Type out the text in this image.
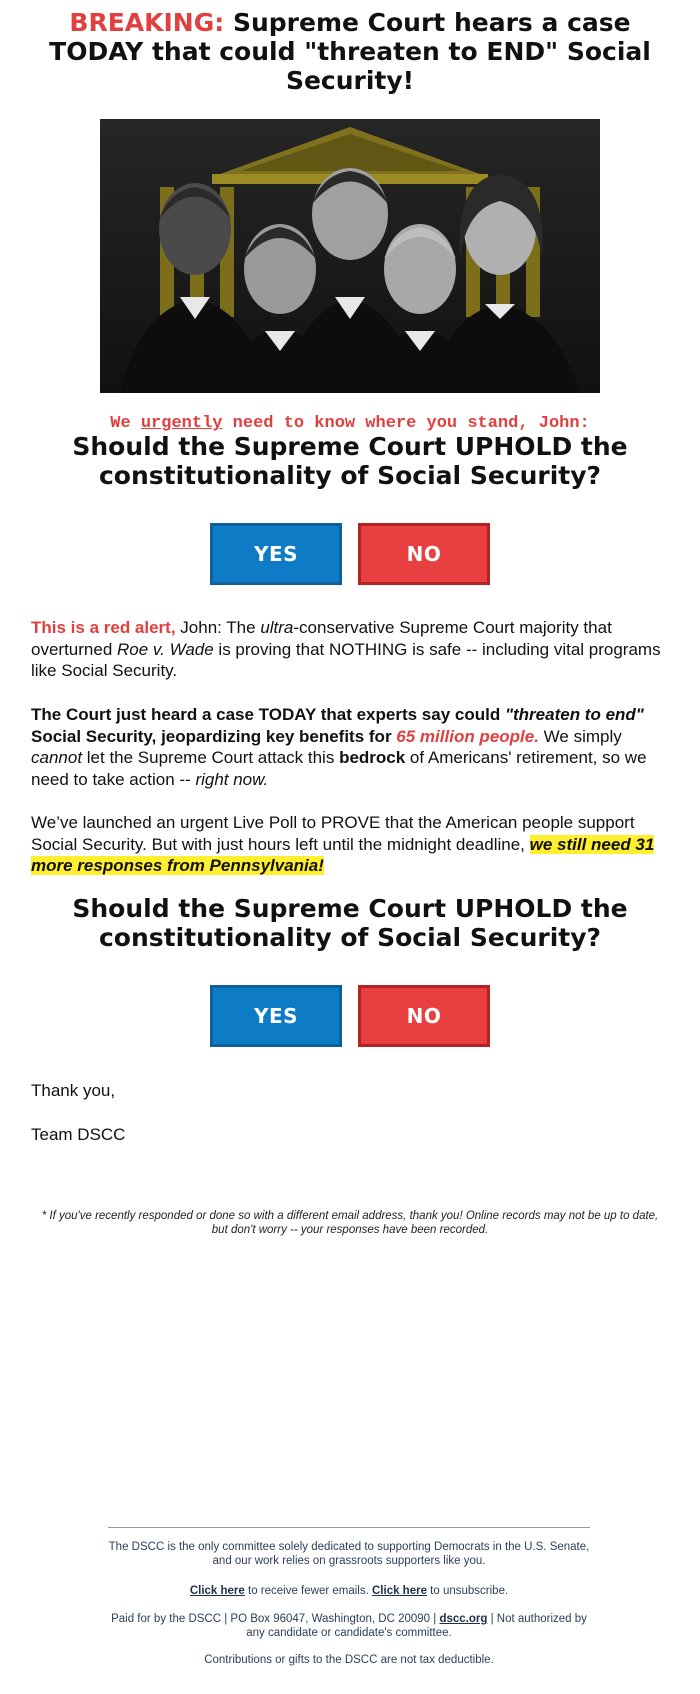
BREAKING: Supreme Court hears a case TODAY that could "threaten to END" Social Security!
We urgently need to know where you stand, John:
Should the Supreme Court UPHOLD the constitutionality of Social Security?
YES	NO
This is a red alert, John: The ultra-conservative Supreme Court majority that overturned Roe v. Wade is proving that NOTHING is safe -- including vital programs like Social Security.
The Court just heard a case TODAY that experts say could "threaten to end" Social Security, jeopardizing key benefits for 65 million people. We simply cannot let the Supreme Court attack this bedrock of Americans' retirement, so we need to take action -- right now.
We’ve launched an urgent Live Poll to PROVE that the American people support Social Security. But with just hours left until the midnight deadline, we still need 31 more responses from Pennsylvania!
Should the Supreme Court UPHOLD the constitutionality of Social Security?
YES	NO
Thank you,
Team DSCC
* If you've recently responded or done so with a different email address, thank you! Online records may not be up to date, but don't worry -- your responses have been recorded.
The DSCC is the only committee solely dedicated to supporting Democrats in the U.S. Senate, and our work relies on grassroots supporters like you.
Click here to receive fewer emails. Click here to unsubscribe.
Paid for by the DSCC | PO Box 96047, Washington, DC 20090 | dscc.org | Not authorized by any candidate or candidate's committee.
Contributions or gifts to the DSCC are not tax deductible.
